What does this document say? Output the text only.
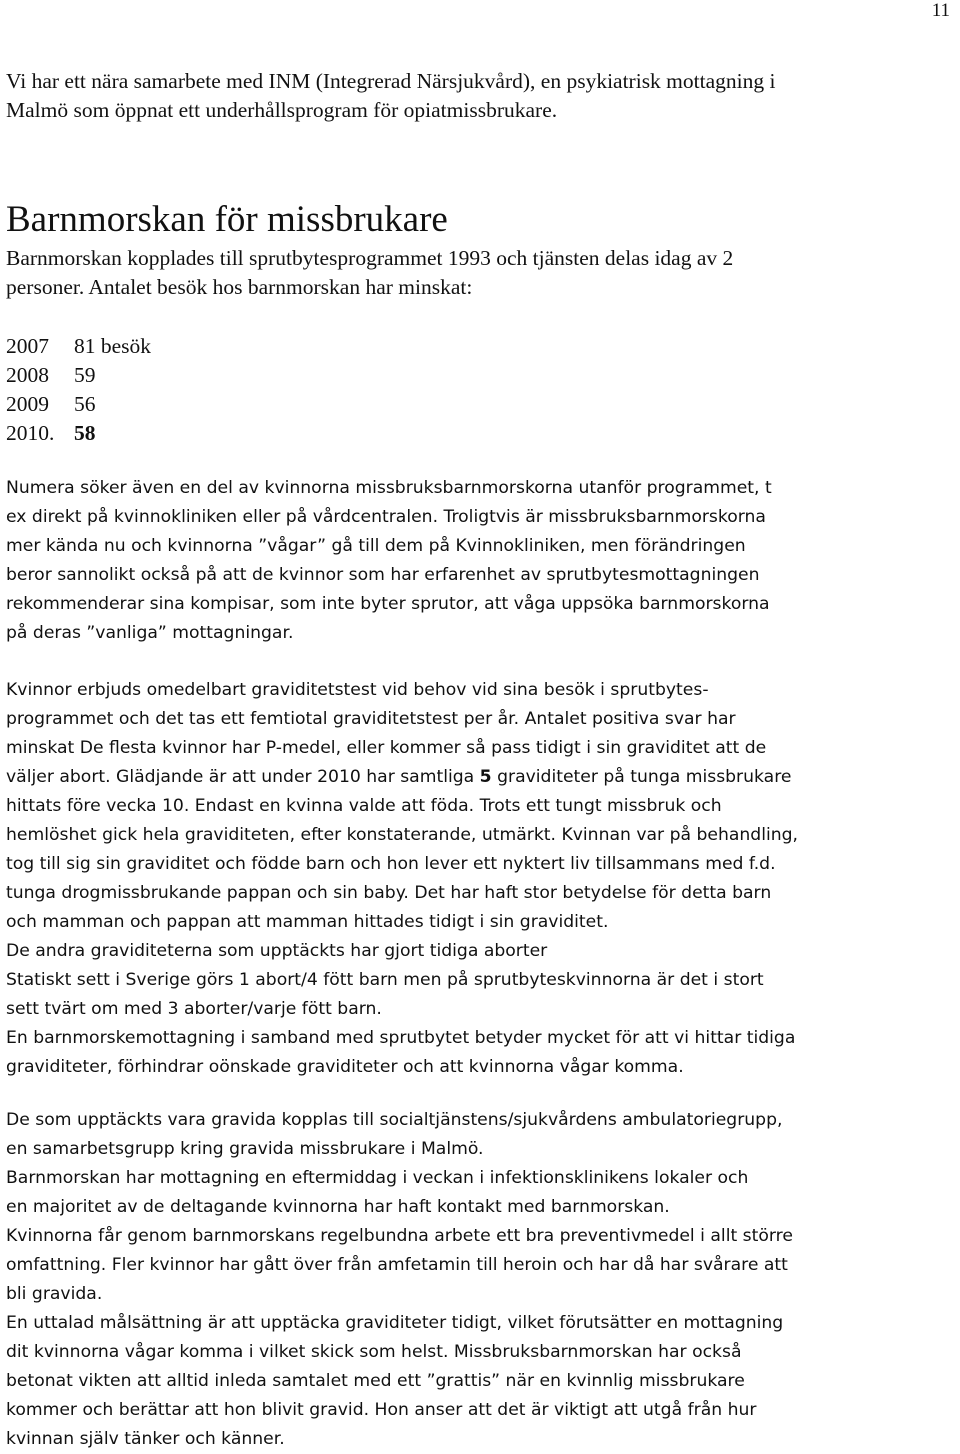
11

Vi har ett nära samarbete med INM (Integrerad Närsjukvård), en psykiatrisk mottagning i
Malmö som öppnat ett underhållsprogram för opiatmissbrukare.

Barnmorskan för missbrukare

Barnmorskan kopplades till sprutbytesprogrammet 1993 och tjänsten delas idag av 2
personer. Antalet besök hos barnmorskan har minskat:

2007	81 besök
2008	59
2009	56
2010. 58

Numera söker även en del av kvinnorna missbruksbarnmorskorna utanför programmet, t
ex direkt på kvinnokliniken eller på vårdcentralen. Troligtvis är missbruksbarnmorskorna
mer kända nu och kvinnorna ”vågar” gå till dem på Kvinnokliniken, men förändringen
beror sannolikt också på att de kvinnor som har erfarenhet av sprutbytesmottagningen
rekommenderar sina kompisar, som inte byter sprutor, att våga uppsöka barnmorskorna
på deras ”vanliga” mottagningar.

Kvinnor erbjuds omedelbart graviditetstest vid behov vid sina besök i sprutbytes-
programmet och det tas ett femtiotal graviditetstest per år. Antalet positiva svar har
minskat De flesta kvinnor har P-medel, eller kommer så pass tidigt i sin graviditet att de
väljer abort. Glädjande är att under 2010 har samtliga 5 graviditeter på tunga missbrukare
hittats före vecka 10. Endast en kvinna valde att föda. Trots ett tungt missbruk och
hemlöshet gick hela graviditeten, efter konstaterande, utmärkt. Kvinnan var på behandling,
tog till sig sin graviditet och födde barn och hon lever ett nyktert liv tillsammans med f.d.
tunga drogmissbrukande pappan och sin baby. Det har haft stor betydelse för detta barn
och mamman och pappan att mamman hittades tidigt i sin graviditet.
De andra graviditeterna som upptäckts har gjort tidiga aborter
Statiskt sett i Sverige görs 1 abort/4 fött barn men på sprutbyteskvinnorna är det i stort
sett tvärt om med 3 aborter/varje fött barn.
En barnmorskemottagning i samband med sprutbytet betyder mycket för att vi hittar tidiga
graviditeter, förhindrar oönskade graviditeter och att kvinnorna vågar komma.

De som upptäckts vara gravida kopplas till socialtjänstens/sjukvårdens ambulatoriegrupp,
en samarbetsgrupp kring gravida missbrukare i Malmö.
Barnmorskan har mottagning en eftermiddag i veckan i infektionsklinikens lokaler och
en majoritet av de deltagande kvinnorna har haft kontakt med barnmorskan.
Kvinnorna får genom barnmorskans regelbundna arbete ett bra preventivmedel i allt större
omfattning. Fler kvinnor har gått över från amfetamin till heroin och har då har svårare att
bli gravida.
En uttalad målsättning är att upptäcka graviditeter tidigt, vilket förutsätter en mottagning
dit kvinnorna vågar komma i vilket skick som helst. Missbruksbarnmorskan har också
betonat vikten att alltid inleda samtalet med ett ”grattis” när en kvinnlig missbrukare
kommer och berättar att hon blivit gravid. Hon anser att det är viktigt att utgå från hur
kvinnan själv tänker och känner.
